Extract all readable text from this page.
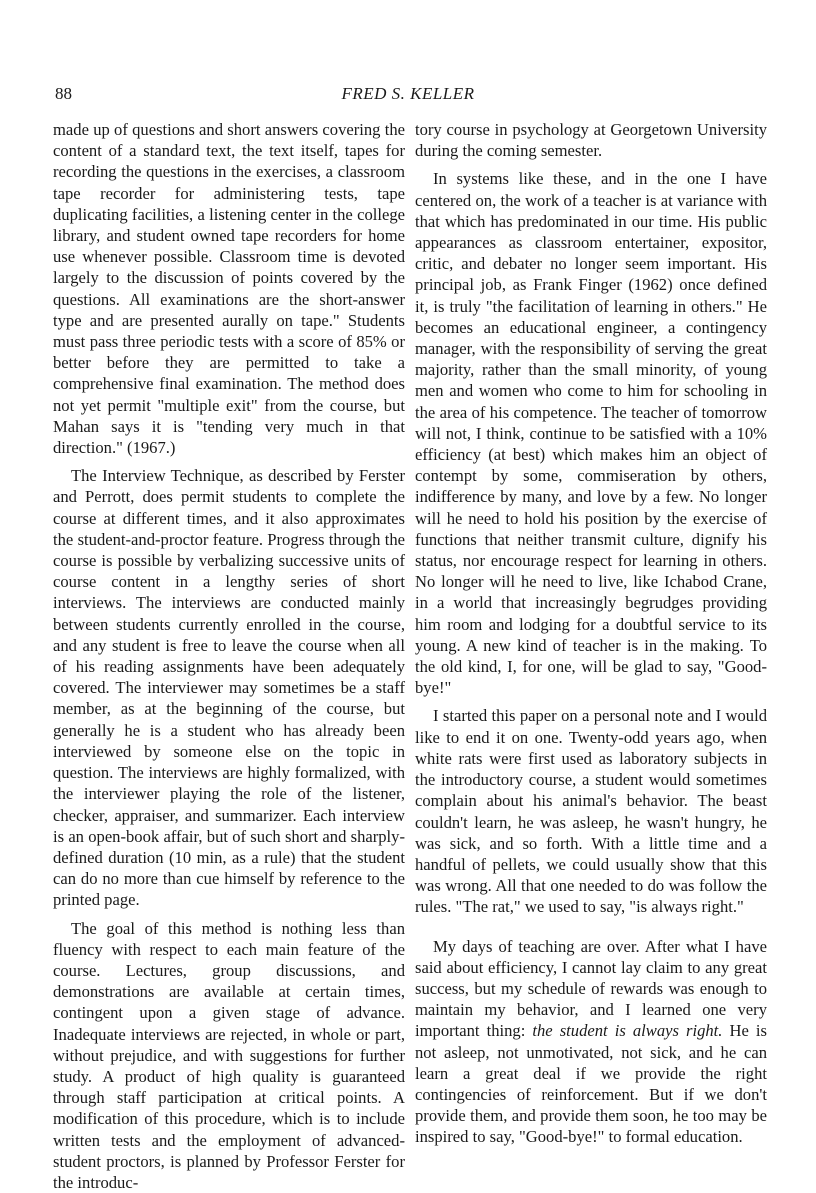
88	FRED S. KELLER

made up of questions and short answers covering the content of a standard text, the text itself, tapes for recording the questions in the exercises, a classroom tape recorder for administering tests, tape duplicating facilities, a listening center in the college library, and student owned tape recorders for home use whenever possible. Classroom time is devoted largely to the discussion of points covered by the questions. All examinations are the short-answer type and are presented aurally on tape." Students must pass three periodic tests with a score of 85% or better before they are permitted to take a comprehensive final examination. The method does not yet permit "multiple exit" from the course, but Mahan says it is "tending very much in that direction." (1967.)

The Interview Technique, as described by Ferster and Perrott, does permit students to complete the course at different times, and it also approximates the student-and-proctor feature. Progress through the course is possible by verbalizing successive units of course content in a lengthy series of short interviews. The interviews are conducted mainly between students currently enrolled in the course, and any student is free to leave the course when all of his reading assignments have been adequately covered. The interviewer may sometimes be a staff member, as at the beginning of the course, but generally he is a student who has already been interviewed by someone else on the topic in question. The interviews are highly formalized, with the interviewer playing the role of the listener, checker, appraiser, and summarizer. Each interview is an open-book affair, but of such short and sharply-defined duration (10 min, as a rule) that the student can do no more than cue himself by reference to the printed page.

The goal of this method is nothing less than fluency with respect to each main feature of the course. Lectures, group discussions, and demonstrations are available at certain times, contingent upon a given stage of advance. Inadequate interviews are rejected, in whole or part, without prejudice, and with suggestions for further study. A product of high quality is guaranteed through staff participation at critical points. A modification of this procedure, which is to include written tests and the employment of advanced-student proctors, is planned by Professor Ferster for the introduc-

tory course in psychology at Georgetown University during the coming semester.

In systems like these, and in the one I have centered on, the work of a teacher is at variance with that which has predominated in our time. His public appearances as classroom entertainer, expositor, critic, and debater no longer seem important. His principal job, as Frank Finger (1962) once defined it, is truly "the facilitation of learning in others." He becomes an educational engineer, a contingency manager, with the responsibility of serving the great majority, rather than the small minority, of young men and women who come to him for schooling in the area of his competence. The teacher of tomorrow will not, I think, continue to be satisfied with a 10% efficiency (at best) which makes him an object of contempt by some, commiseration by others, indifference by many, and love by a few. No longer will he need to hold his position by the exercise of functions that neither transmit culture, dignify his status, nor encourage respect for learning in others. No longer will he need to live, like Ichabod Crane, in a world that increasingly begrudges providing him room and lodging for a doubtful service to its young. A new kind of teacher is in the making. To the old kind, I, for one, will be glad to say, "Good-bye!"

I started this paper on a personal note and I would like to end it on one. Twenty-odd years ago, when white rats were first used as laboratory subjects in the introductory course, a student would sometimes complain about his animal's behavior. The beast couldn't learn, he was asleep, he wasn't hungry, he was sick, and so forth. With a little time and a handful of pellets, we could usually show that this was wrong. All that one needed to do was follow the rules. "The rat," we used to say, "is always right."

My days of teaching are over. After what I have said about efficiency, I cannot lay claim to any great success, but my schedule of rewards was enough to maintain my behavior, and I learned one very important thing: the student is always right. He is not asleep, not unmotivated, not sick, and he can learn a great deal if we provide the right contingencies of reinforcement. But if we don't provide them, and provide them soon, he too may be inspired to say, "Good-bye!" to formal education.
